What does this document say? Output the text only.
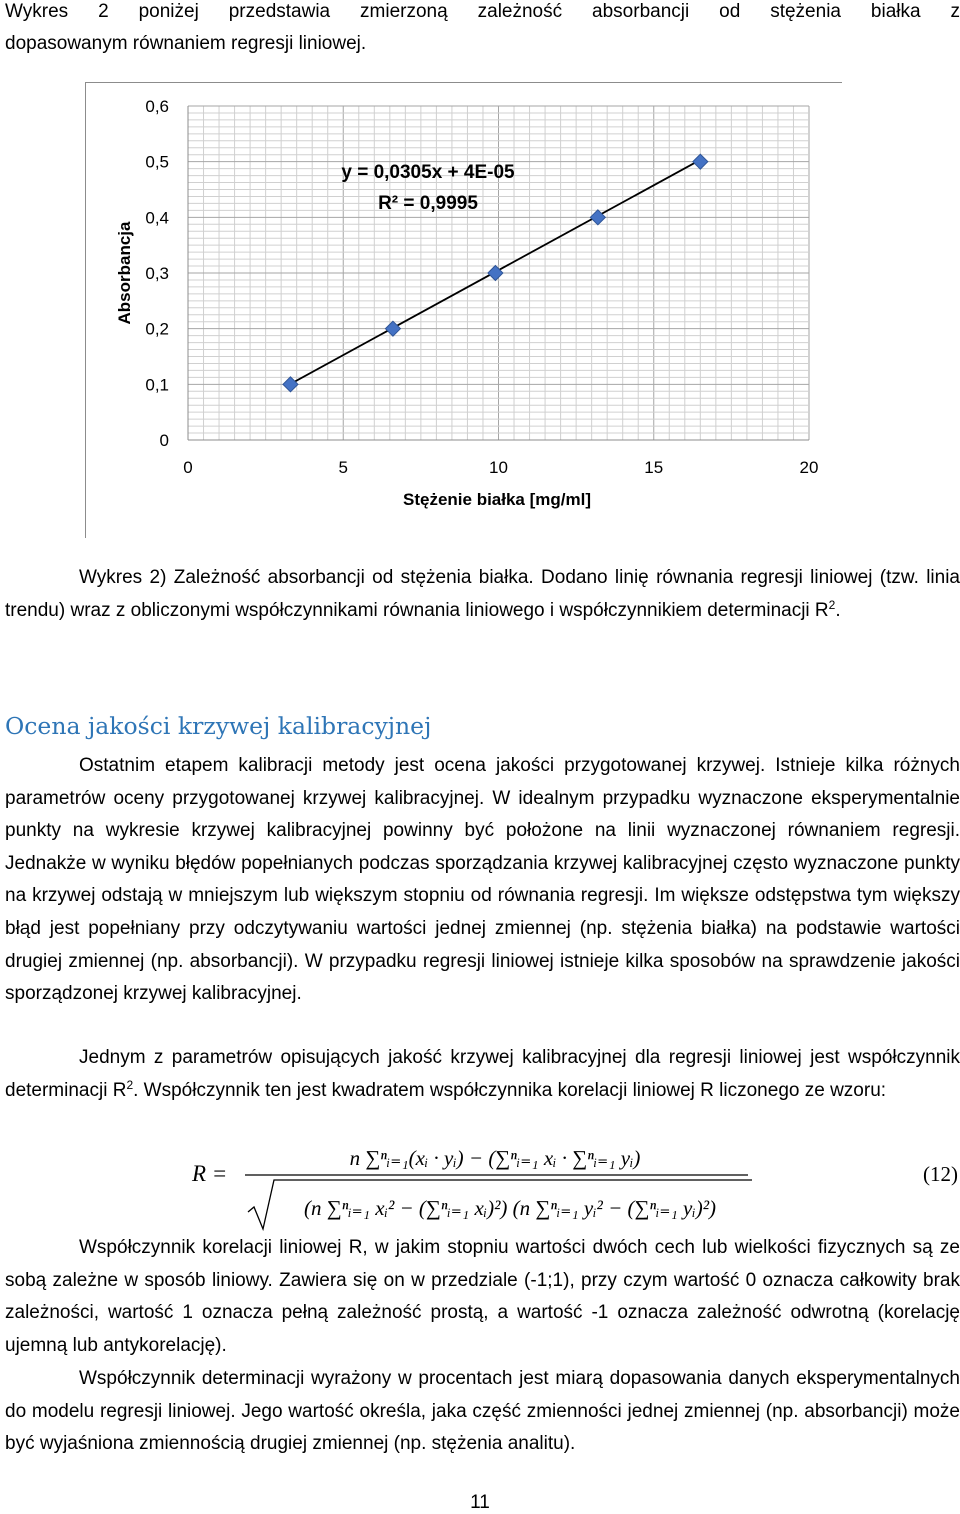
Wykres 2 poniżej przedstawia zmierzoną zależność absorbancji od stężenia białka z

dopasowanym równaniem regresji liniowej.

0
0,1
0,2
0,3
0,4
0,5
0,6
0	5	10	15	20
y = 0,0305x + 4E-05
R² = 0,9995
Absorbancja
Stężenie białka [mg/ml]

Wykres 2) Zależność absorbancji od stężenia białka. Dodano linię równania regresji liniowej (tzw. linia trendu) wraz z obliczonymi współczynnikami równania liniowego i współczynnikiem determinacji $R^2$.

Ocena jakości krzywej kalibracyjnej

Ostatnim etapem kalibracji metody jest ocena jakości przygotowanej krzywej. Istnieje kilka różnych parametrów oceny przygotowanej krzywej kalibracyjnej. W idealnym przypadku wyznaczone eksperymentalnie punkty na wykresie krzywej kalibracyjnej powinny być położone na linii wyznaczonej równaniem regresji. Jednakże w wyniku błędów popełnianych podczas sporządzania krzywej kalibracyjnej często wyznaczone punkty na krzywej odstają w mniejszym lub większym stopniu od równania regresji. Im większe odstępstwa tym większy błąd jest popełniany przy odczytywaniu wartości jednej zmiennej (np. stężenia białka) na podstawie wartości drugiej zmiennej (np. absorbancji). W przypadku regresji liniowej istnieje kilka sposobów na sprawdzenie jakości sporządzonej krzywej kalibracyjnej.

Jednym z parametrów opisujących jakość krzywej kalibracyjnej dla regresji liniowej jest współczynnik determinacji $R^2$. Współczynnik ten jest kwadratem współczynnika korelacji liniowej R liczonego ze wzoru:

R =
n ∑ⁿᵢ₌₁(xᵢ · yᵢ) − (∑ⁿᵢ₌₁ xᵢ · ∑ⁿᵢ₌₁ yᵢ)
(n ∑ⁿᵢ₌₁ xᵢ² − (∑ⁿᵢ₌₁ xᵢ)²) (n ∑ⁿᵢ₌₁ yᵢ² − (∑ⁿᵢ₌₁ yᵢ)²)
(12)

Współczynnik korelacji liniowej R, w jakim stopniu wartości dwóch cech lub wielkości fizycznych są ze sobą zależne w sposób liniowy. Zawiera się on w przedziale (-1;1), przy czym wartość 0 oznacza całkowity brak zależności, wartość 1 oznacza pełną zależność prostą, a wartość -1 oznacza zależność odwrotną (korelację ujemną lub antykorelację).

Współczynnik determinacji wyrażony w procentach jest miarą dopasowania danych eksperymentalnych do modelu regresji liniowej. Jego wartość określa, jaka część zmienności jednej zmiennej (np. absorbancji) może być wyjaśniona zmiennością drugiej zmiennej (np. stężenia analitu).

11
